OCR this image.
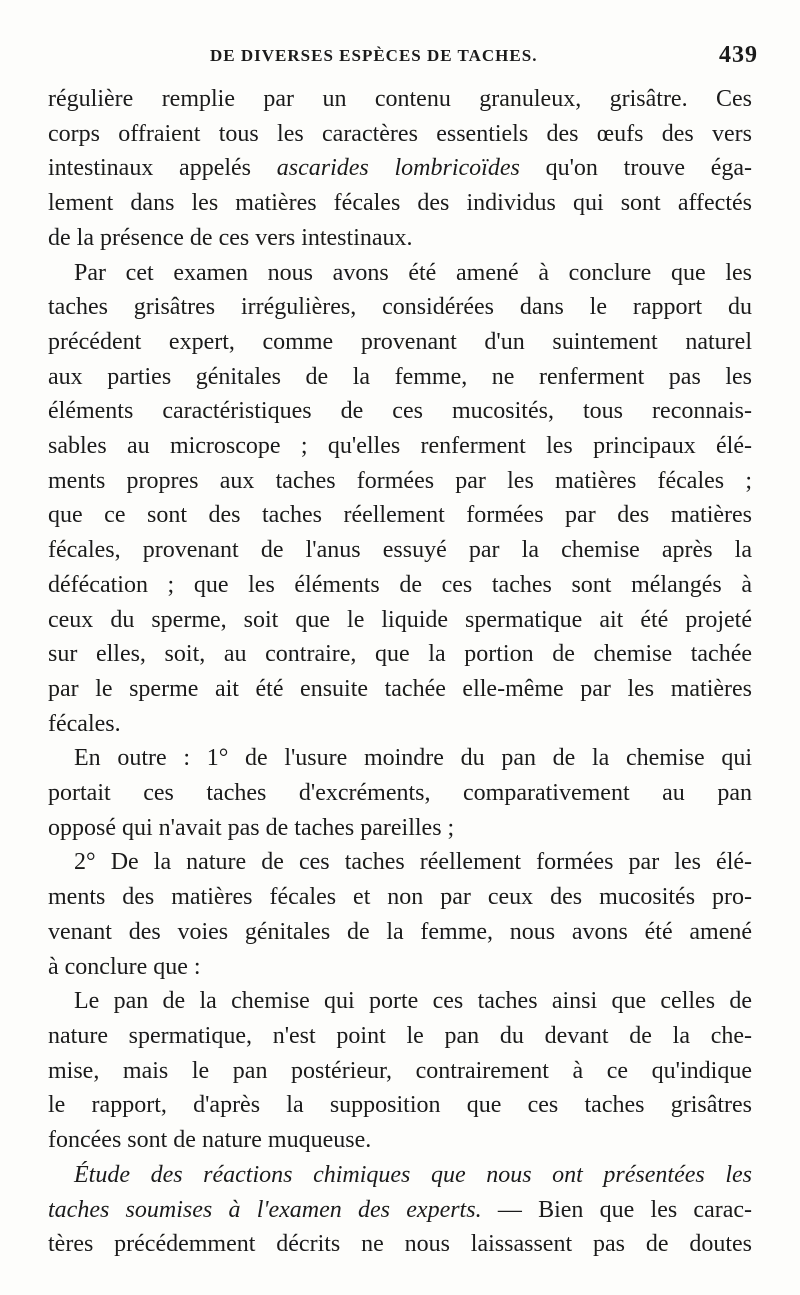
DE DIVERSES ESPÈCES DE TACHES.	439
régulière remplie par un contenu granuleux, grisâtre. Ces
corps offraient tous les caractères essentiels des œufs des vers
intestinaux appelés ascarides lombricoïdes qu'on trouve éga-
lement dans les matières fécales des individus qui sont affectés
de la présence de ces vers intestinaux.
Par cet examen nous avons été amené à conclure que les
taches grisâtres irrégulières, considérées dans le rapport du
précédent expert, comme provenant d'un suintement naturel
aux parties génitales de la femme, ne renferment pas les
éléments caractéristiques de ces mucosités, tous reconnais-
sables au microscope ; qu'elles renferment les principaux élé-
ments propres aux taches formées par les matières fécales ;
que ce sont des taches réellement formées par des matières
fécales, provenant de l'anus essuyé par la chemise après la
défécation ; que les éléments de ces taches sont mélangés à
ceux du sperme, soit que le liquide spermatique ait été projeté
sur elles, soit, au contraire, que la portion de chemise tachée
par le sperme ait été ensuite tachée elle-même par les matières
fécales.
En outre : 1° de l'usure moindre du pan de la chemise qui
portait ces taches d'excréments, comparativement au pan
opposé qui n'avait pas de taches pareilles ;
2° De la nature de ces taches réellement formées par les élé-
ments des matières fécales et non par ceux des mucosités pro-
venant des voies génitales de la femme, nous avons été amené
à conclure que :
Le pan de la chemise qui porte ces taches ainsi que celles de
nature spermatique, n'est point le pan du devant de la che-
mise, mais le pan postérieur, contrairement à ce qu'indique
le rapport, d'après la supposition que ces taches grisâtres
foncées sont de nature muqueuse.
Étude des réactions chimiques que nous ont présentées les
taches soumises à l'examen des experts. — Bien que les carac-
tères précédemment décrits ne nous laissassent pas de doutes
